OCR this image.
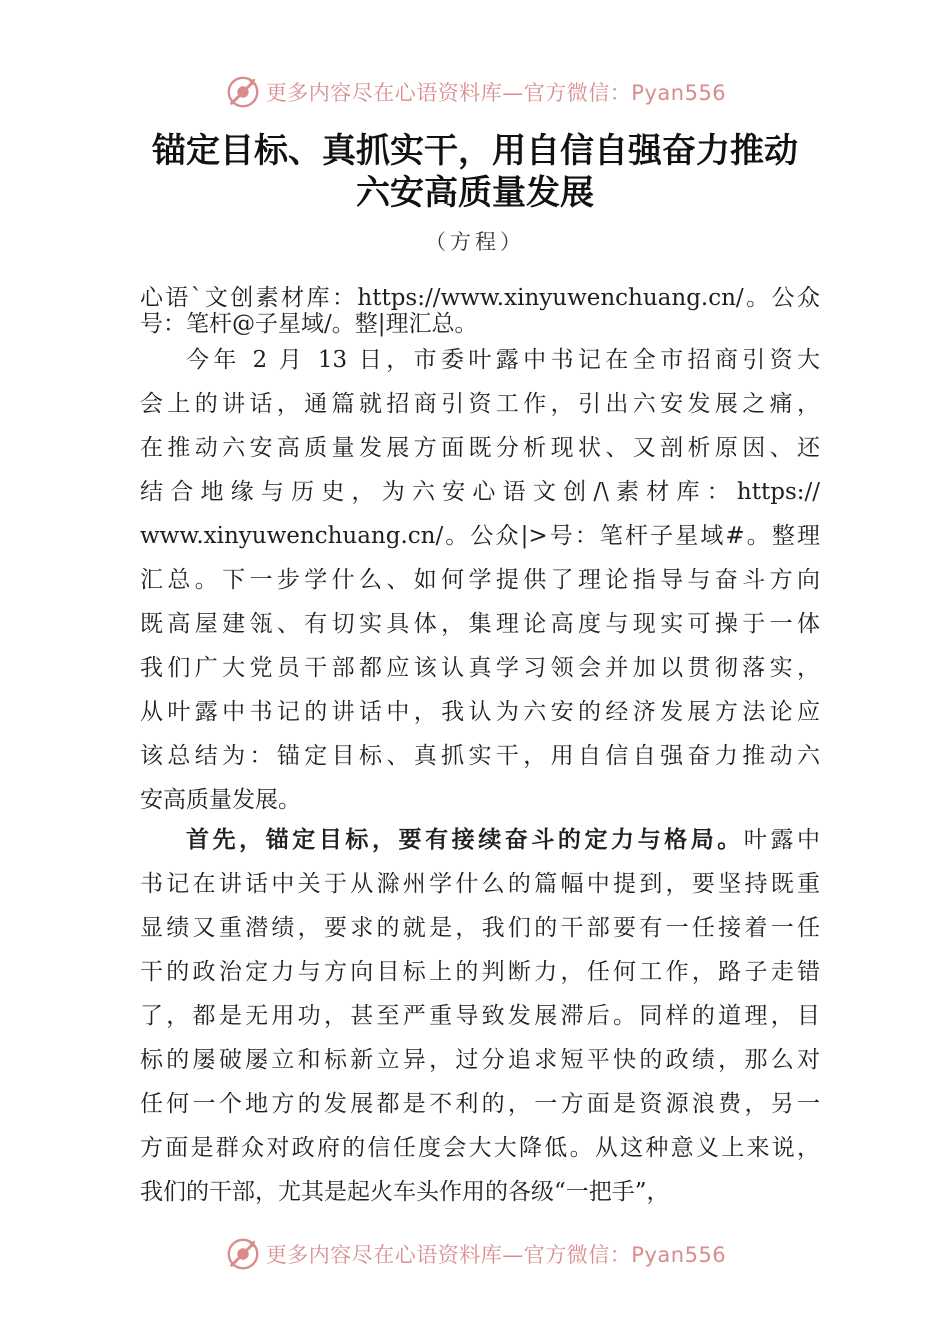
更多内容尽在心语资料库—官方微信：Pyan556
锚定目标、真抓实干，用自信自强奋力推动
六安高质量发展
（方程）
心语`文创素材库：https://www.xinyuwenchuang.cn/。公众
号：笔杆@子星域/。整|理汇总。
今年 2 月 13 日，市委叶露中书记在全市招商引资大
会上的讲话，通篇就招商引资工作，引出六安发展之痛，
在推动六安高质量发展方面既分析现状、又剖析原因、还
结合地缘与历史，为六安心语文创/\素材库：https://
www.xinyuwenchuang.cn/。公众|>号：笔杆子星域#。整理
汇总。下一步学什么、如何学提供了理论指导与奋斗方向
既高屋建瓴、有切实具体，集理论高度与现实可操于一体
我们广大党员干部都应该认真学习领会并加以贯彻落实，
从叶露中书记的讲话中，我认为六安的经济发展方法论应
该总结为：锚定目标、真抓实干，用自信自强奋力推动六
安高质量发展。
首先，锚定目标，要有接续奋斗的定力与格局。叶露中
书记在讲话中关于从滁州学什么的篇幅中提到，要坚持既重
显绩又重潜绩，要求的就是，我们的干部要有一任接着一任
干的政治定力与方向目标上的判断力，任何工作，路子走错
了，都是无用功，甚至严重导致发展滞后。同样的道理，目
标的屡破屡立和标新立异，过分追求短平快的政绩，那么对
任何一个地方的发展都是不利的，一方面是资源浪费，另一
方面是群众对政府的信任度会大大降低。从这种意义上来说，
我们的干部，尤其是起火车头作用的各级“一把手”，
更多内容尽在心语资料库—官方微信：Pyan556
